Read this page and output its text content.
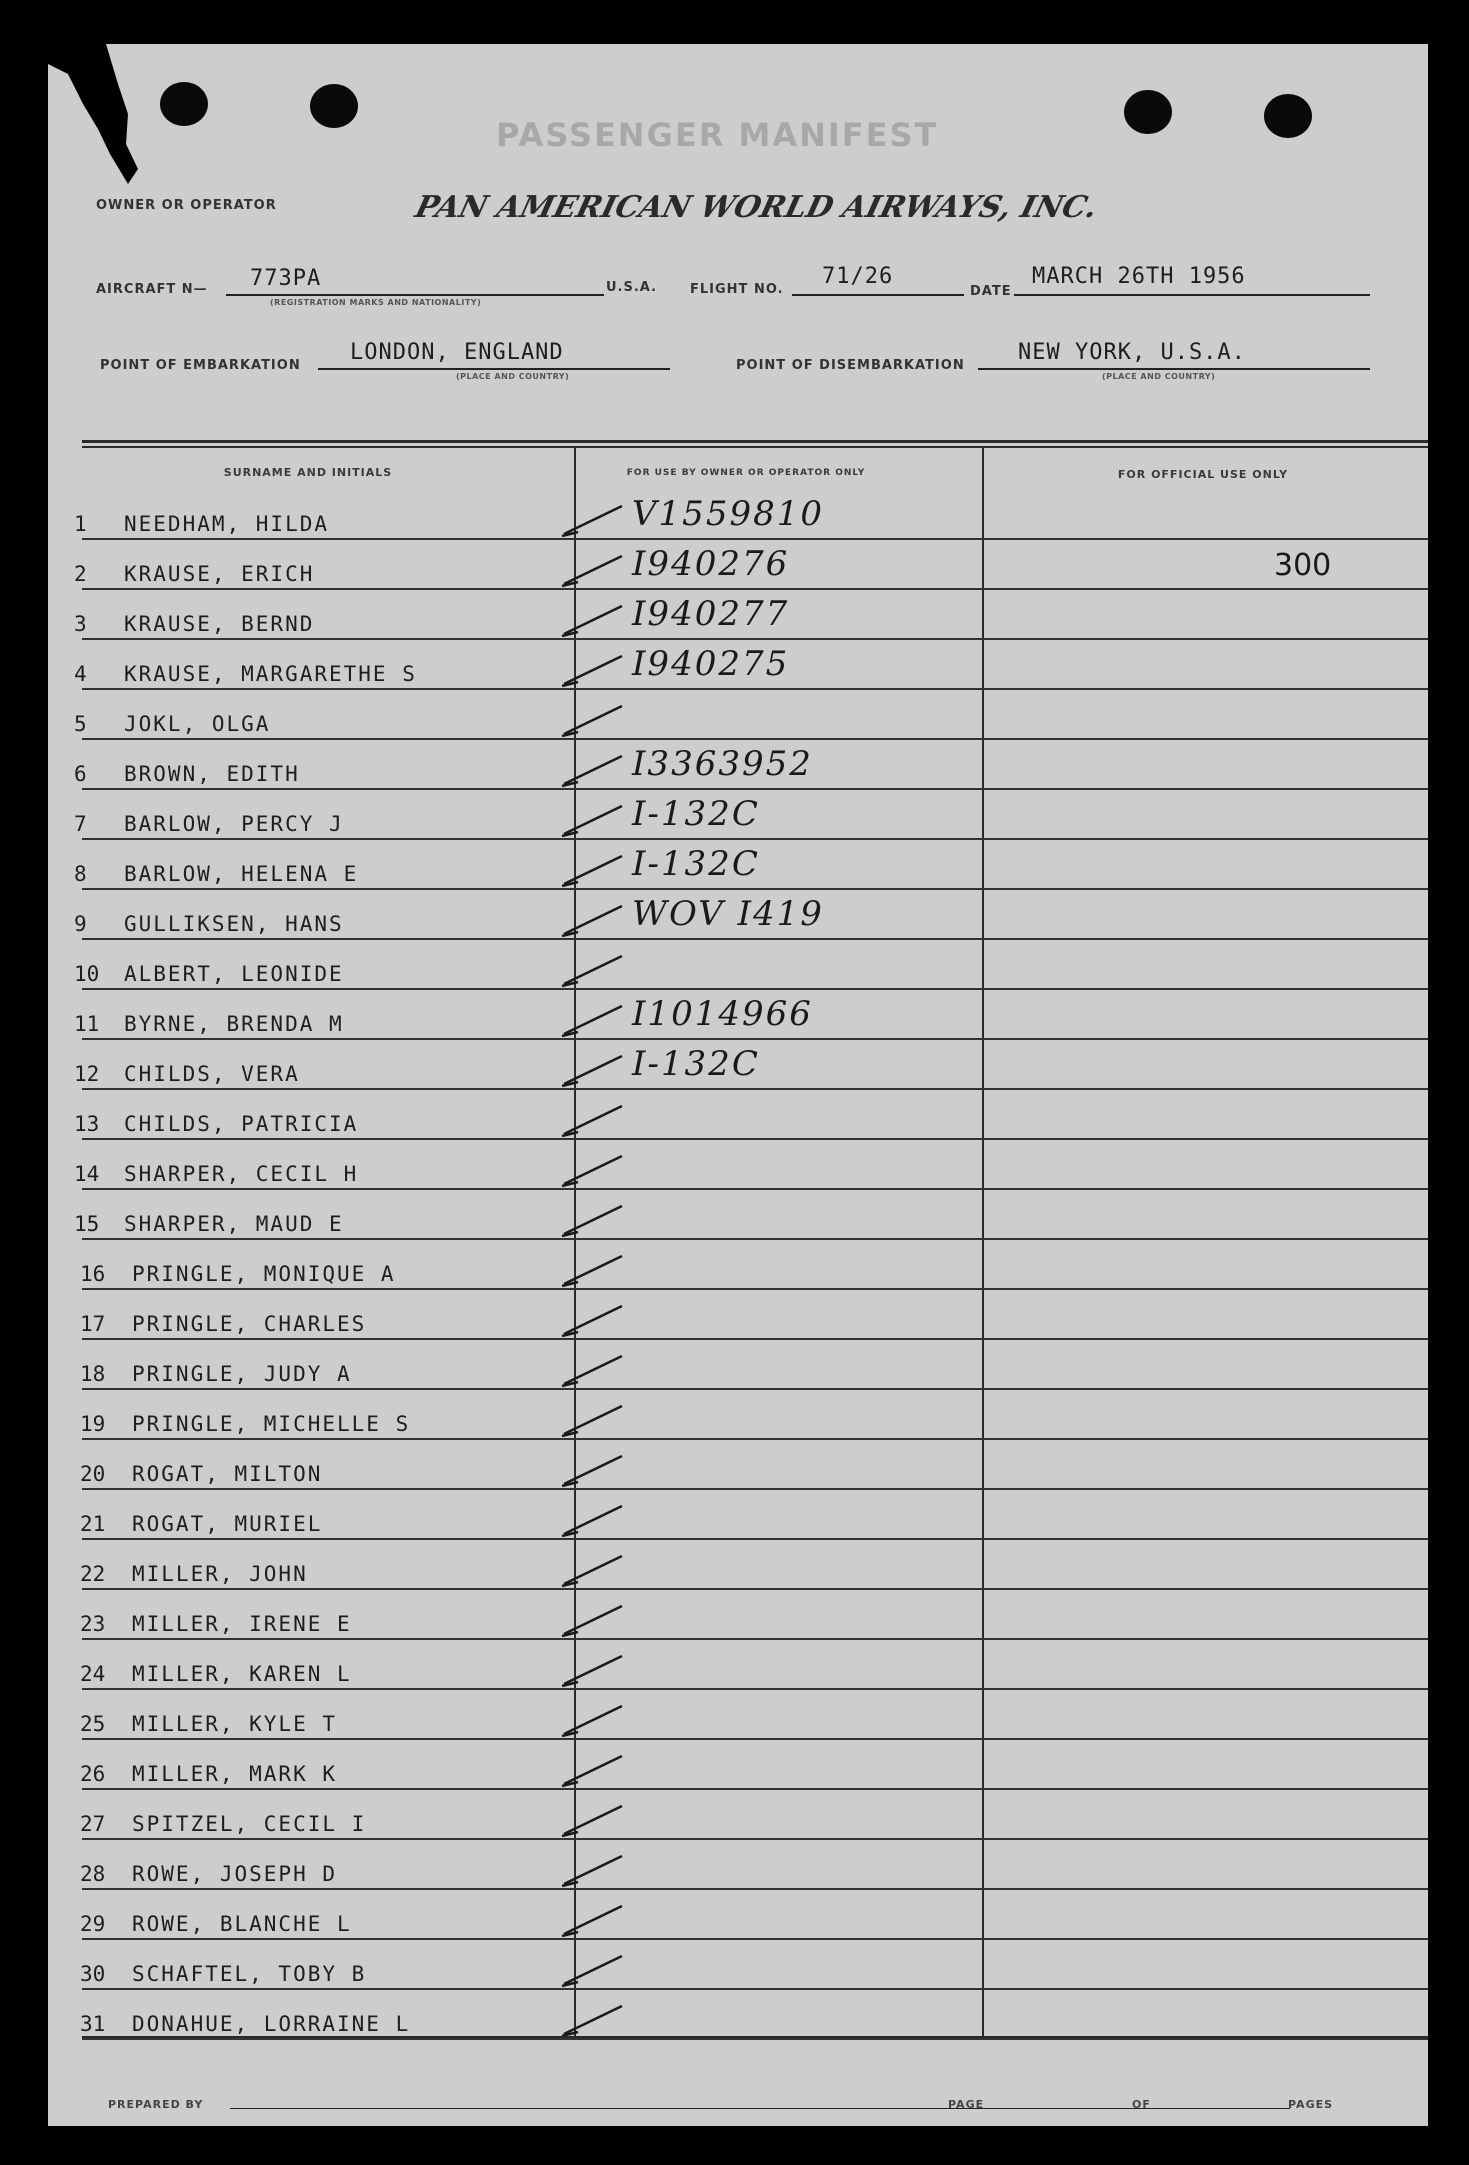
PASSENGER MANIFEST
OWNER OR OPERATOR	PAN AMERICAN WORLD AIRWAYS, INC.
AIRCRAFT N— 773PA
(REGISTRATION MARKS AND NATIONALITY)
U.S.A.	FLIGHT NO.
71/26
DATE
MARCH 26TH 1956
POINT OF EMBARKATION
LONDON, ENGLAND
(PLACE AND COUNTRY)
POINT OF DISEMBARKATION
NEW YORK, U.S.A.
(PLACE AND COUNTRY)
SURNAME AND INITIALS	FOR USE BY OWNER OR OPERATOR ONLY	FOR OFFICIAL USE ONLY
1 NEEDHAM, HILDA	V1559810
2 KRAUSE, ERICH	I940276	300
3 KRAUSE, BERND	I940277
4 KRAUSE, MARGARETHE S	I940275
5 JOKL, OLGA
6 BROWN, EDITH	I3363952
7 BARLOW, PERCY J	I-132C
8 BARLOW, HELENA E	I-132C
9 GULLIKSEN, HANS	WOV I419
10 ALBERT, LEONIDE
11 BYRNE, BRENDA M	I1014966
12 CHILDS, VERA	I-132C
13 CHILDS, PATRICIA
14 SHARPER, CECIL H
15 SHARPER, MAUD E
16 PRINGLE, MONIQUE A
17 PRINGLE, CHARLES
18 PRINGLE, JUDY A
19 PRINGLE, MICHELLE S
20 ROGAT, MILTON
21 ROGAT, MURIEL
22 MILLER, JOHN
23 MILLER, IRENE E
24 MILLER, KAREN L
25 MILLER, KYLE T
26 MILLER, MARK K
27 SPITZEL, CECIL I
28 ROWE, JOSEPH D
29 ROWE, BLANCHE L
30 SCHAFTEL, TOBY B
31 DONAHUE, LORRAINE L
PREPARED BY	PAGE	OF	PAGES
